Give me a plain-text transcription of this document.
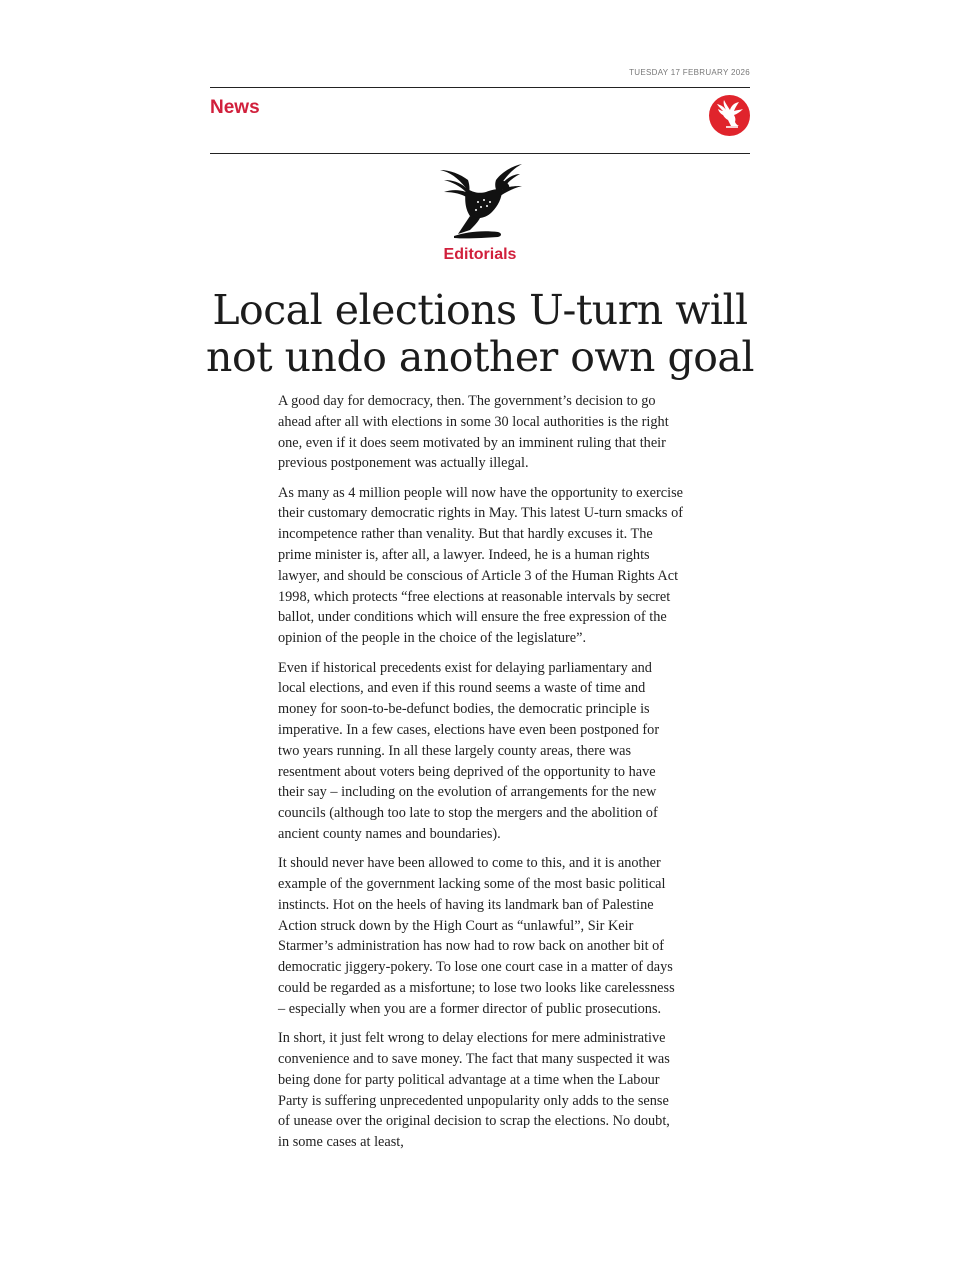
TUESDAY 17 FEBRUARY 2026
News
Editorials
Local elections U-turn will not undo another own goal

A good day for democracy, then. The government’s decision to go ahead after all with elections in some 30 local authorities is the right one, even if it does seem motivated by an imminent ruling that their previous postponement was actually illegal.

As many as 4 million people will now have the opportunity to exercise their customary democratic rights in May. This latest U-turn smacks of incompetence rather than venality. But that hardly excuses it. The prime minister is, after all, a lawyer. Indeed, he is a human rights lawyer, and should be conscious of Article 3 of the Human Rights Act 1998, which protects “free elections at reasonable intervals by secret ballot, under conditions which will ensure the free expression of the opinion of the people in the choice of the legislature”.

Even if historical precedents exist for delaying parliamentary and local elections, and even if this round seems a waste of time and money for soon-to-be-defunct bodies, the democratic principle is imperative. In a few cases, elections have even been postponed for two years running. In all these largely county areas, there was resentment about voters being deprived of the opportunity to have their say – including on the evolution of arrangements for the new councils (although too late to stop the mergers and the abolition of ancient county names and boundaries).

It should never have been allowed to come to this, and it is another example of the government lacking some of the most basic political instincts. Hot on the heels of having its landmark ban of Palestine Action struck down by the High Court as “unlawful”, Sir Keir Starmer’s administration has now had to row back on another bit of democratic jiggery-pokery. To lose one court case in a matter of days could be regarded as a misfortune; to lose two looks like carelessness – especially when you are a former director of public prosecutions.

In short, it just felt wrong to delay elections for mere administrative convenience and to save money. The fact that many suspected it was being done for party political advantage at a time when the Labour Party is suffering unprecedented unpopularity only adds to the sense of unease over the original decision to scrap the elections. No doubt, in some cases at least,
